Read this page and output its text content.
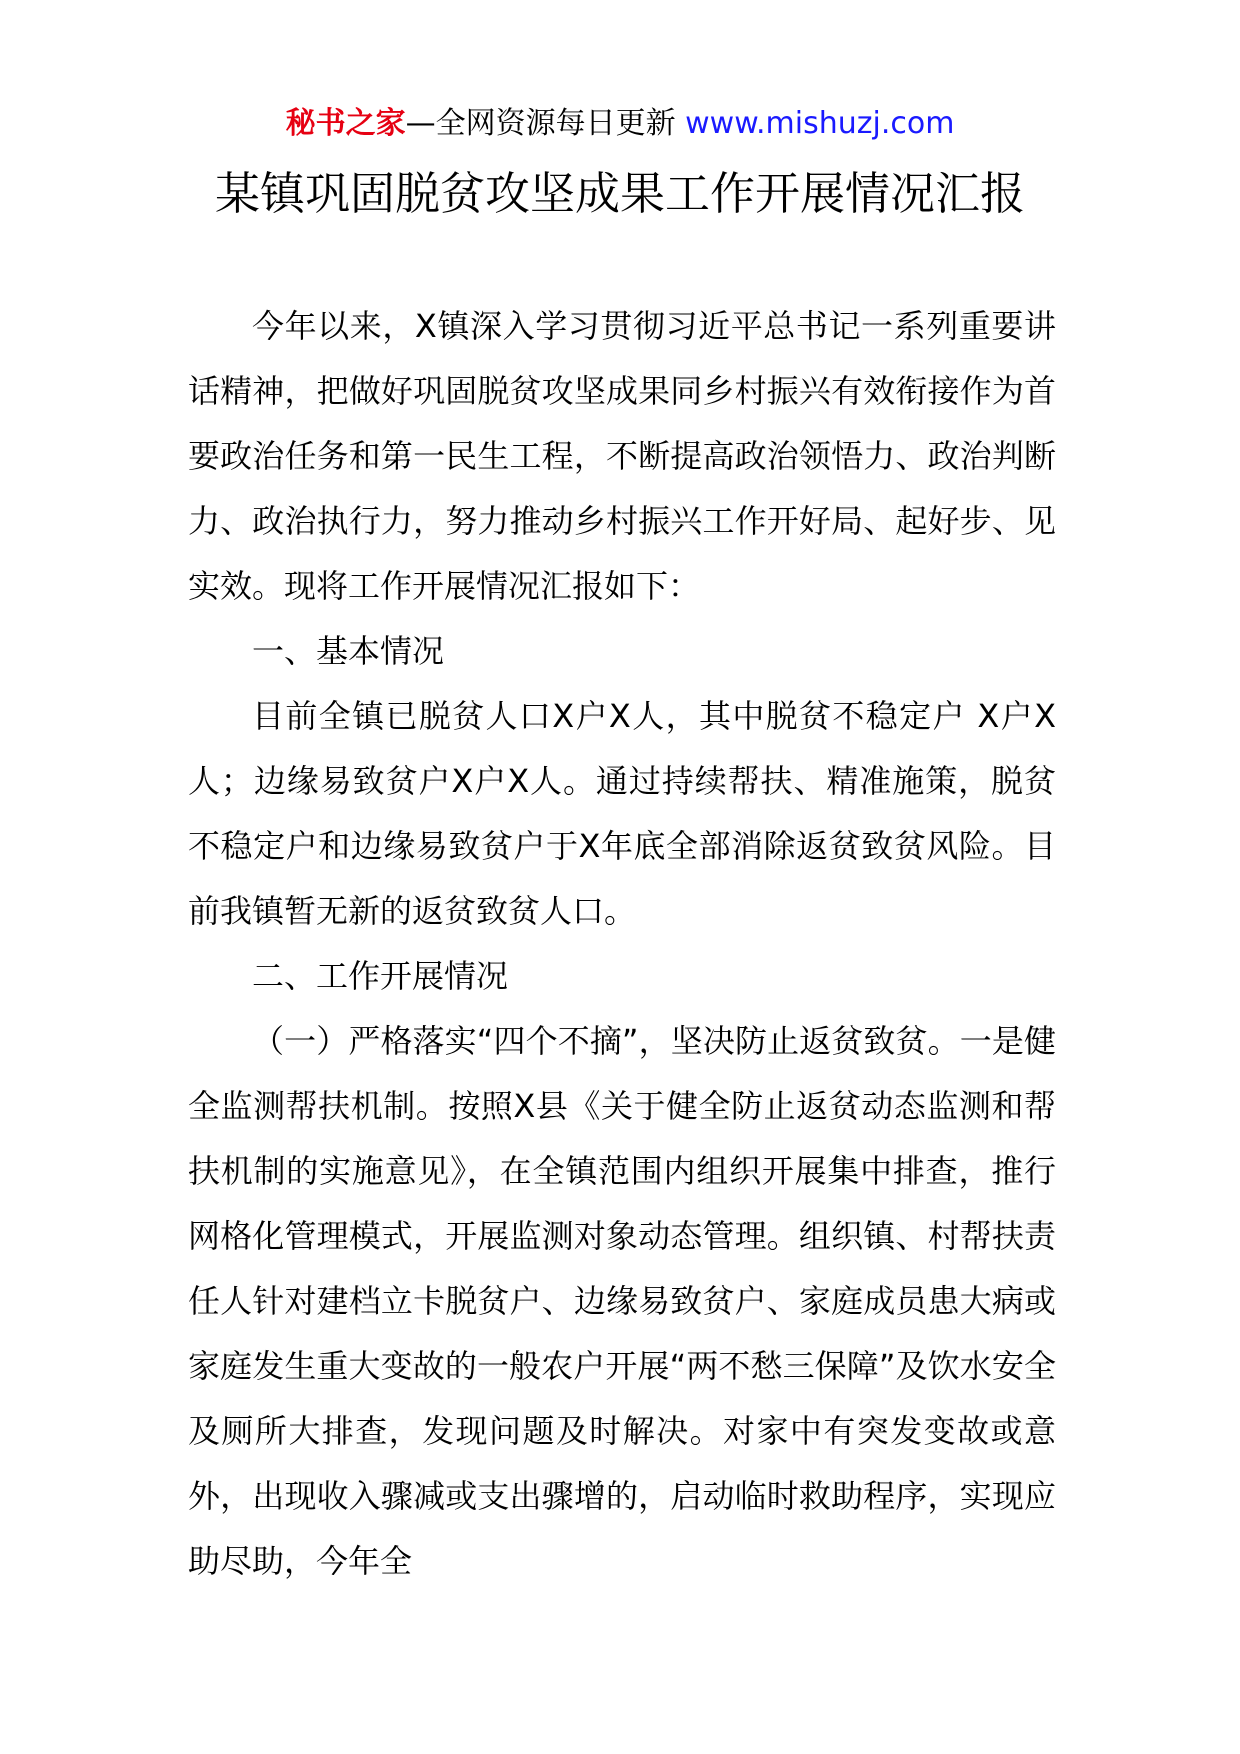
秘书之家—全网资源每日更新 www.mishuzj.com
某镇巩固脱贫攻坚成果工作开展情况汇报

今年以来，X镇深入学习贯彻习近平总书记一系列重要讲话精神，把做好巩固脱贫攻坚成果同乡村振兴有效衔接作为首要政治任务和第一民生工程，不断提高政治领悟力、政治判断力、政治执行力，努力推动乡村振兴工作开好局、起好步、见实效。现将工作开展情况汇报如下：

一、基本情况

目前全镇已脱贫人口X户X人，其中脱贫不稳定户 X户X人；边缘易致贫户X户X人。通过持续帮扶、精准施策，脱贫不稳定户和边缘易致贫户于X年底全部消除返贫致贫风险。目前我镇暂无新的返贫致贫人口。

二、工作开展情况

（一）严格落实“四个不摘”，坚决防止返贫致贫。一是健全监测帮扶机制。按照X县《关于健全防止返贫动态监测和帮扶机制的实施意见》，在全镇范围内组织开展集中排查，推行网格化管理模式，开展监测对象动态管理。组织镇、村帮扶责任人针对建档立卡脱贫户、边缘易致贫户、家庭成员患大病或家庭发生重大变故的一般农户开展“两不愁三保障”及饮水安全及厕所大排查，发现问题及时解决。对家中有突发变故或意外，出现收入骤减或支出骤增的，启动临时救助程序，实现应助尽助，今年全
